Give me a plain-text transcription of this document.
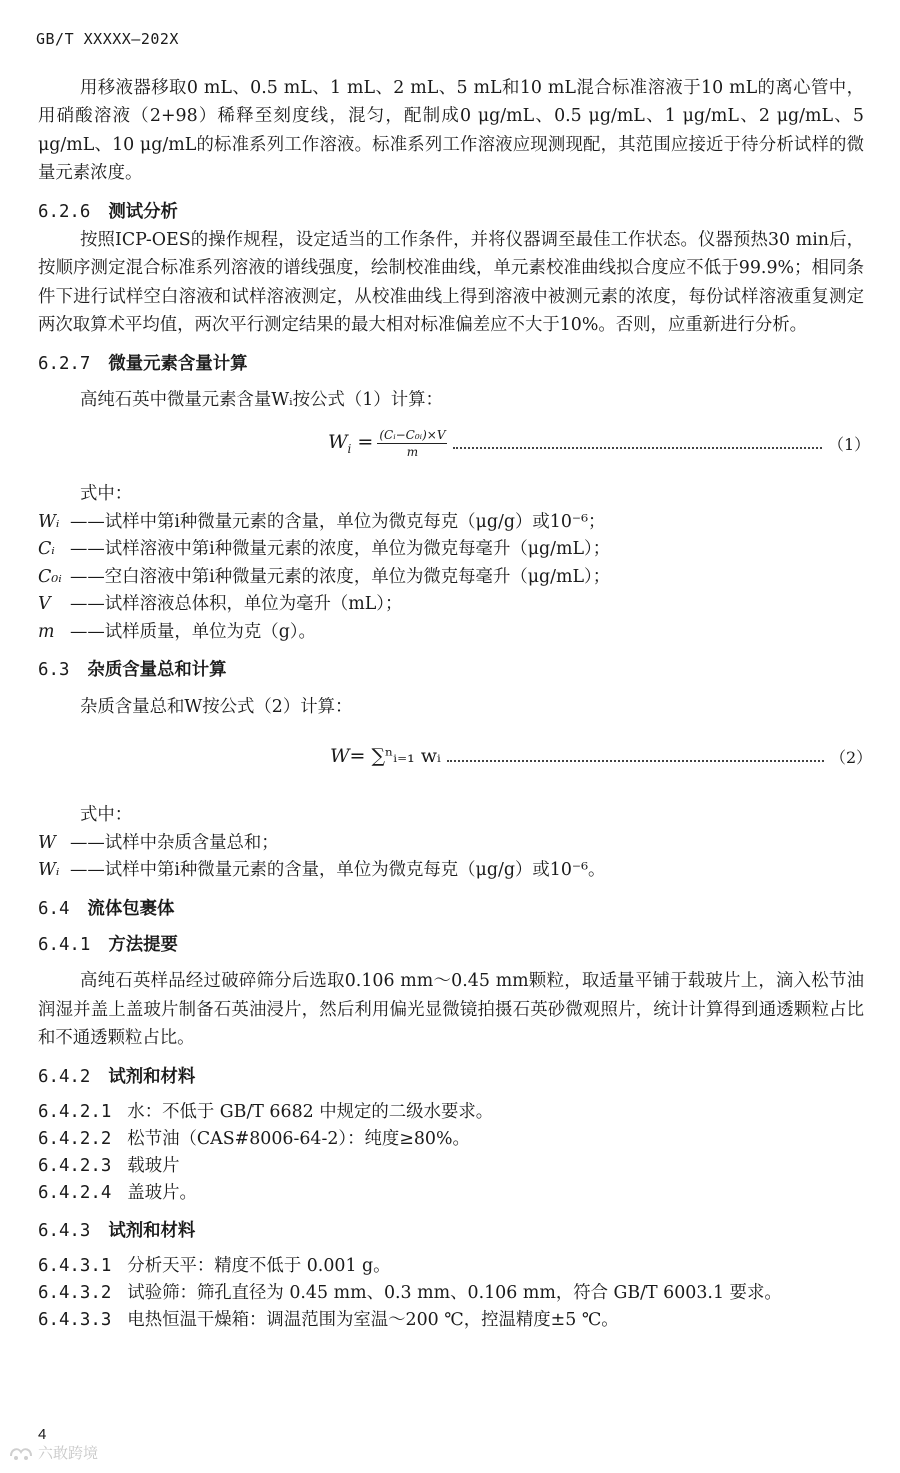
GB/T XXXXX—202X

用移液器移取0 mL、0.5 mL、1 mL、2 mL、5 mL和10 mL混合标准溶液于10 mL的离心管中，用硝酸溶液（2+98）稀释至刻度线，混匀，配制成0 μg/mL、0.5 μg/mL、1 μg/mL、2 μg/mL、5 μg/mL、10 μg/mL的标准系列工作溶液。标准系列工作溶液应现测现配，其范围应接近于待分析试样的微量元素浓度。

6.2.6 测试分析

按照ICP-OES的操作规程，设定适当的工作条件，并将仪器调至最佳工作状态。仪器预热30 min后，按顺序测定混合标准系列溶液的谱线强度，绘制校准曲线，单元素校准曲线拟合度应不低于99.9%；相同条件下进行试样空白溶液和试样溶液测定，从校准曲线上得到溶液中被测元素的浓度，每份试样溶液重复测定两次取算术平均值，两次平行测定结果的最大相对标准偏差应不大于10%。否则，应重新进行分析。

6.2.7 微量元素含量计算

高纯石英中微量元素含量Wᵢ按公式（1）计算：

$W_i = \frac{\text{(Cᵢ−C₀ᵢ)×V}}{m}$	（1）

式中：

Wᵢ ——试样中第i种微量元素的含量，单位为微克每克（μg/g）或10⁻⁶；
Cᵢ ——试样溶液中第i种微量元素的浓度，单位为微克每毫升（μg/mL）；
C₀ᵢ ——空白溶液中第i种微量元素的浓度，单位为微克每毫升（μg/mL）；
V	——试样溶液总体积，单位为毫升（mL）；
m ——试样质量，单位为克（g）。
6.3 杂质含量总和计算

杂质含量总和W按公式（2）计算：

W= ∑ⁿᵢ₌₁ wᵢ	（2）

式中：

W ——试样中杂质含量总和；
Wᵢ ——试样中第i种微量元素的含量，单位为微克每克（μg/g）或10⁻⁶。
6.4 流体包裹体
6.4.1 方法提要

高纯石英样品经过破碎筛分后选取0.106 mm～0.45 mm颗粒，取适量平铺于载玻片上，滴入松节油润湿并盖上盖玻片制备石英油浸片，然后利用偏光显微镜拍摄石英砂微观照片，统计计算得到通透颗粒占比和不通透颗粒占比。

6.4.2 试剂和材料
6.4.2.1 水：不低于 GB/T 6682 中规定的二级水要求。
6.4.2.2 松节油（CAS#8006-64-2）：纯度≥80%。
6.4.2.3 载玻片
6.4.2.4 盖玻片。
6.4.3 试剂和材料
6.4.3.1 分析天平：精度不低于 0.001 g。
6.4.3.2 试验筛：筛孔直径为 0.45 mm、0.3 mm、0.106 mm，符合 GB/T 6003.1 要求。
6.4.3.3 电热恒温干燥箱：调温范围为室温～200 ℃，控温精度±5 ℃。
4
六敢跨境
